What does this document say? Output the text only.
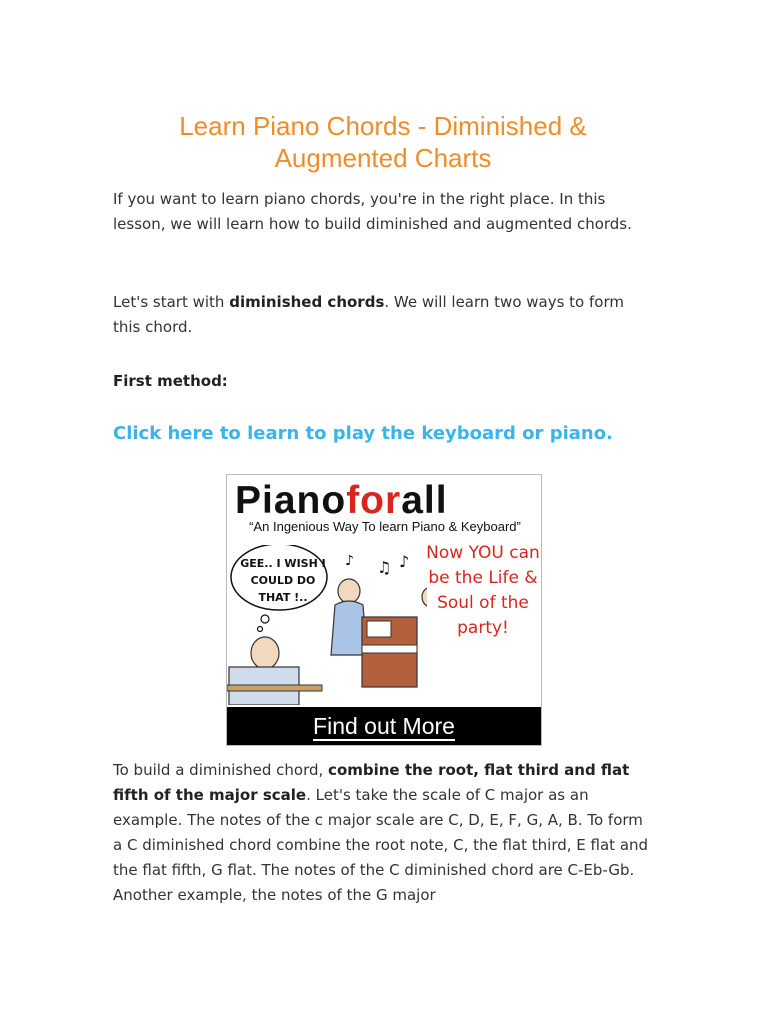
Learn Piano Chords - Diminished & Augmented Charts

If you want to learn piano chords, you're in the right place. In this lesson, we will learn how to build diminished and augmented chords.

Let's start with diminished chords. We will learn two ways to form this chord.

First method:

Click here to learn to play the keyboard or piano.

Pianoforall
“An Ingenious Way To learn Piano & Keyboard”
♪ ♫ ♪
GEE.. I WISH I COULD DO THAT !..
Now YOU can be the Life & Soul of the party!
Find out More

To build a diminished chord, combine the root, flat third and flat fifth of the major scale. Let's take the scale of C major as an example. The notes of the c major scale are C, D, E, F, G, A, B. To form a C diminished chord combine the root note, C, the flat third, E flat and the flat fifth, G flat. The notes of the C diminished chord are C-Eb-Gb. Another example, the notes of the G major
